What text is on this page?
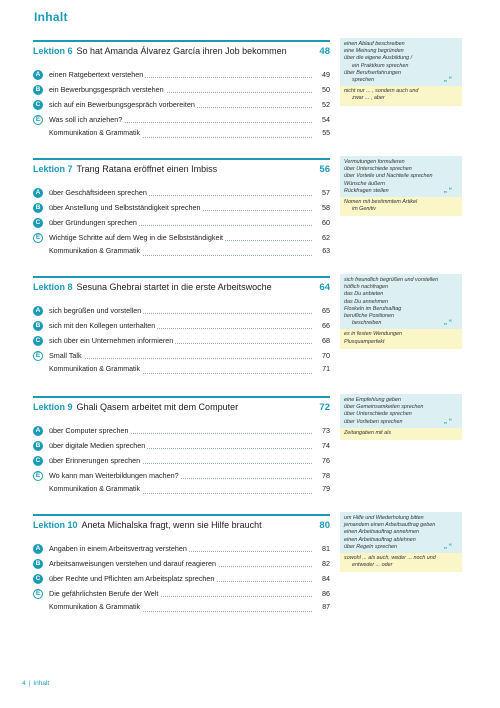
Inhalt
Lektion 6 So hat Amanda Álvarez García ihren Job bekommen	48
A	einen Ratgebertext verstehen	49
B	ein Bewerbungsgespräch verstehen	50
C	sich auf ein Bewerbungsgespräch vorbereiten	52
E	Was soll ich anziehen?	54
Kommunikation & Grammatik	55
einen Ablauf beschreiben
eine Meinung begründen
über die eigene Ausbildung /
ein Praktikum sprechen
über Berufserfahrungen
sprechen	„ “
nicht nur ... , sondern auch und
zwar ... , aber
Lektion 7 Trang Ratana eröffnet einen Imbiss	56
A	über Geschäftsideen sprechen	57
B	über Anstellung und Selbstständigkeit sprechen	58
C	über Gründungen sprechen	60
E	Wichtige Schritte auf dem Weg in die Selbstständigkeit	62
Kommunikation & Grammatik	63
Vermutungen formulieren
über Unterschiede sprechen
über Vorteile und Nachteile sprechen
Wünsche äußern
Rückfragen stellen	„ “
Nomen mit bestimmtem Artikel
im Genitiv
Lektion 8 Sesuna Ghebrai startet in die erste Arbeitswoche	64
A	sich begrüßen und vorstellen	65
B	sich mit den Kollegen unterhalten	66
C	sich über ein Unternehmen informieren	68
E	Small Talk	70
Kommunikation & Grammatik	71
sich freundlich begrüßen und vorstellen
höflich nachfragen
das Du anbieten
das Du annehmen
Floskeln im Berufsalltag
berufliche Positionen
beschreiben	„ “
es in festen Wendungen
Plusquamperfekt
Lektion 9 Ghali Qasem arbeitet mit dem Computer	72
A	über Computer sprechen	73
B	über digitale Medien sprechen	74
C	über Erinnerungen sprechen	76
E	Wo kann man Weiterbildungen machen?	78
Kommunikation & Grammatik	79
eine Empfehlung geben
über Gemeinsamkeiten sprechen
über Unterschiede sprechen
über Vorlieben sprechen	„ “
Zeitangaben mit als
Lektion 10 Aneta Michalska fragt, wenn sie Hilfe braucht	80
A	Angaben in einem Arbeitsvertrag verstehen	81
B	Arbeitsanweisungen verstehen und darauf reagieren	82
C	über Rechte und Pflichten am Arbeitsplatz sprechen	84
E	Die gefährlichsten Berufe der Welt	86
Kommunikation & Grammatik	87
um Hilfe und Wiederholung bitten
jemandem einen Arbeitsauftrag geben
einen Arbeitsauftrag annehmen
einen Arbeitsauftrag ablehnen
über Regeln sprechen	„ “
sowohl ... als auch, weder ... noch und
entweder ... oder
4 | Inhalt
